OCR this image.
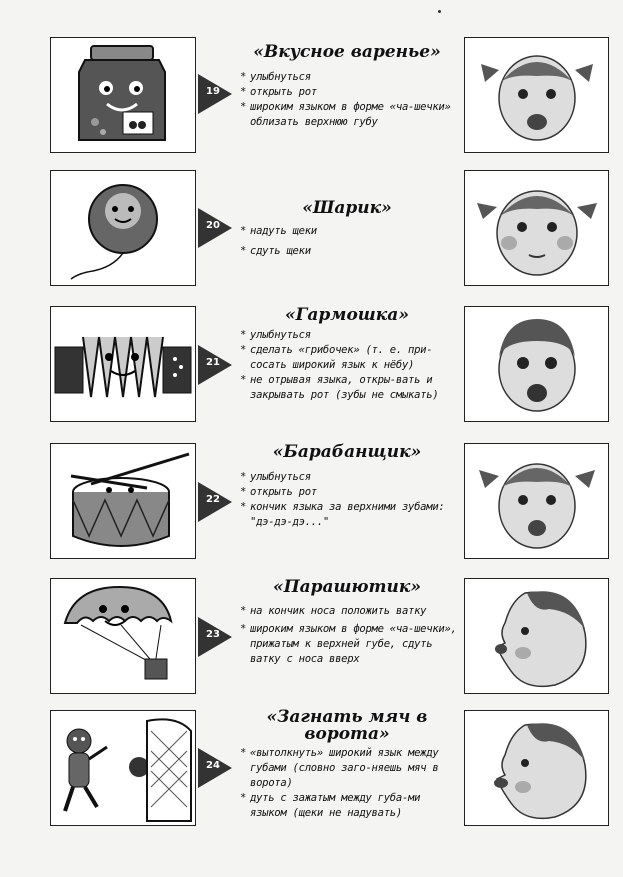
19
«Вкусное варенье»
* улыбнуться
* открыть рот
* широким языком в форме «ча-шечки» облизать верхнюю губу
20
«Шарик»
* надуть щеки
* сдуть щеки
21
«Гармошка»
* улыбнуться
* сделать «грибочек» (т. е. при-сосать широкий язык к нёбу)
* не отрывая языка, откры-вать и закрывать рот (зубы не смыкать)
22
«Барабанщик»
* улыбнуться
* открыть рот
* кончик языка за верхними зубами: "дэ-дэ-дэ..."
23
«Парашютик»
* на кончик носа положить ватку
* широким языком в форме «ча-шечки», прижатым к верхней губе, сдуть ватку с носа вверх
24
«Загнать мяч в ворота»
* «вытолкнуть» широкий язык между губами (словно заго-няешь мяч в ворота)
* дуть с зажатым между губа-ми языком (щеки не надувать)
